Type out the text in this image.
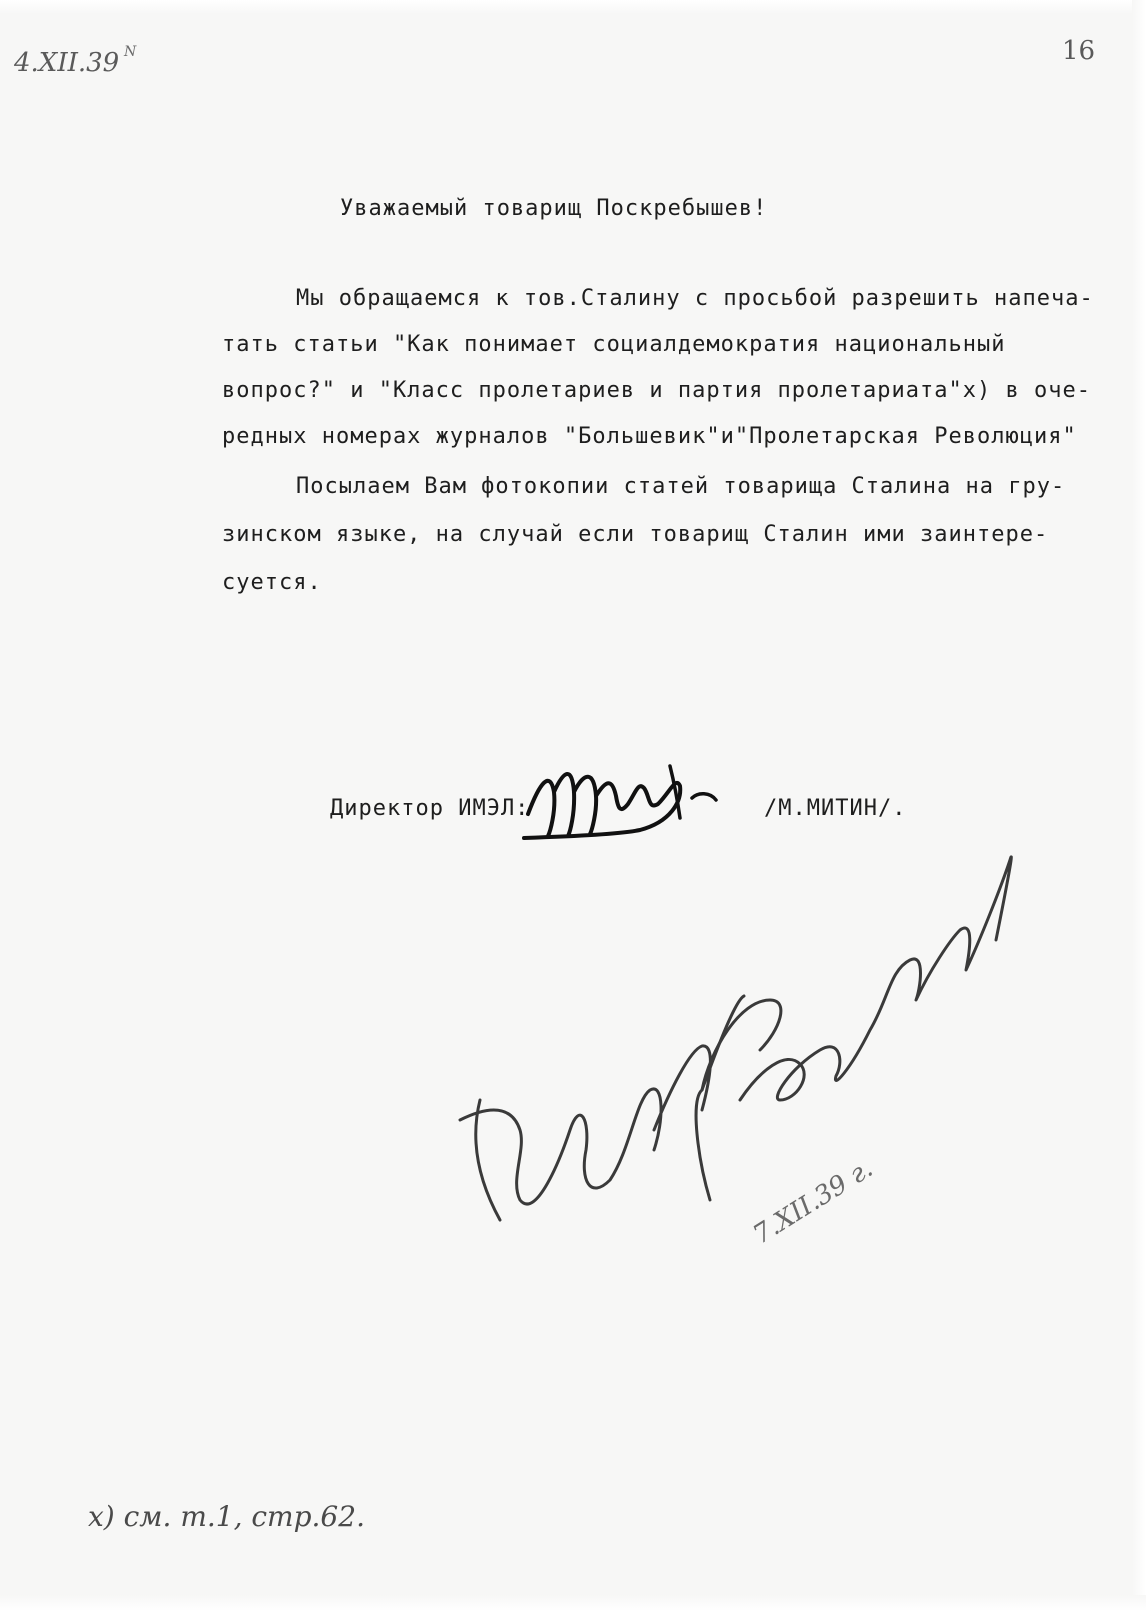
4.XII.39 N	16
Уважаемый товарищ Поскребышев!
Мы обращаемся к тов.Сталину с просьбой разрешить напеча-
тать статьи "Как понимает социалдемократия национальный
вопрос?" и "Класс пролетариев и партия пролетариата"x) в оче-
редных номерах журналов "Большевик"и"Пролетарская Революция"
Посылаем Вам фотокопии статей товарища Сталина на гру-
зинском языке, на случай если товарищ Сталин ими заинтере-
суется.
Директор ИМЭЛ:	/М.МИТИН/.
7.XII.39 г.
x) см. т.1, стр.62.
